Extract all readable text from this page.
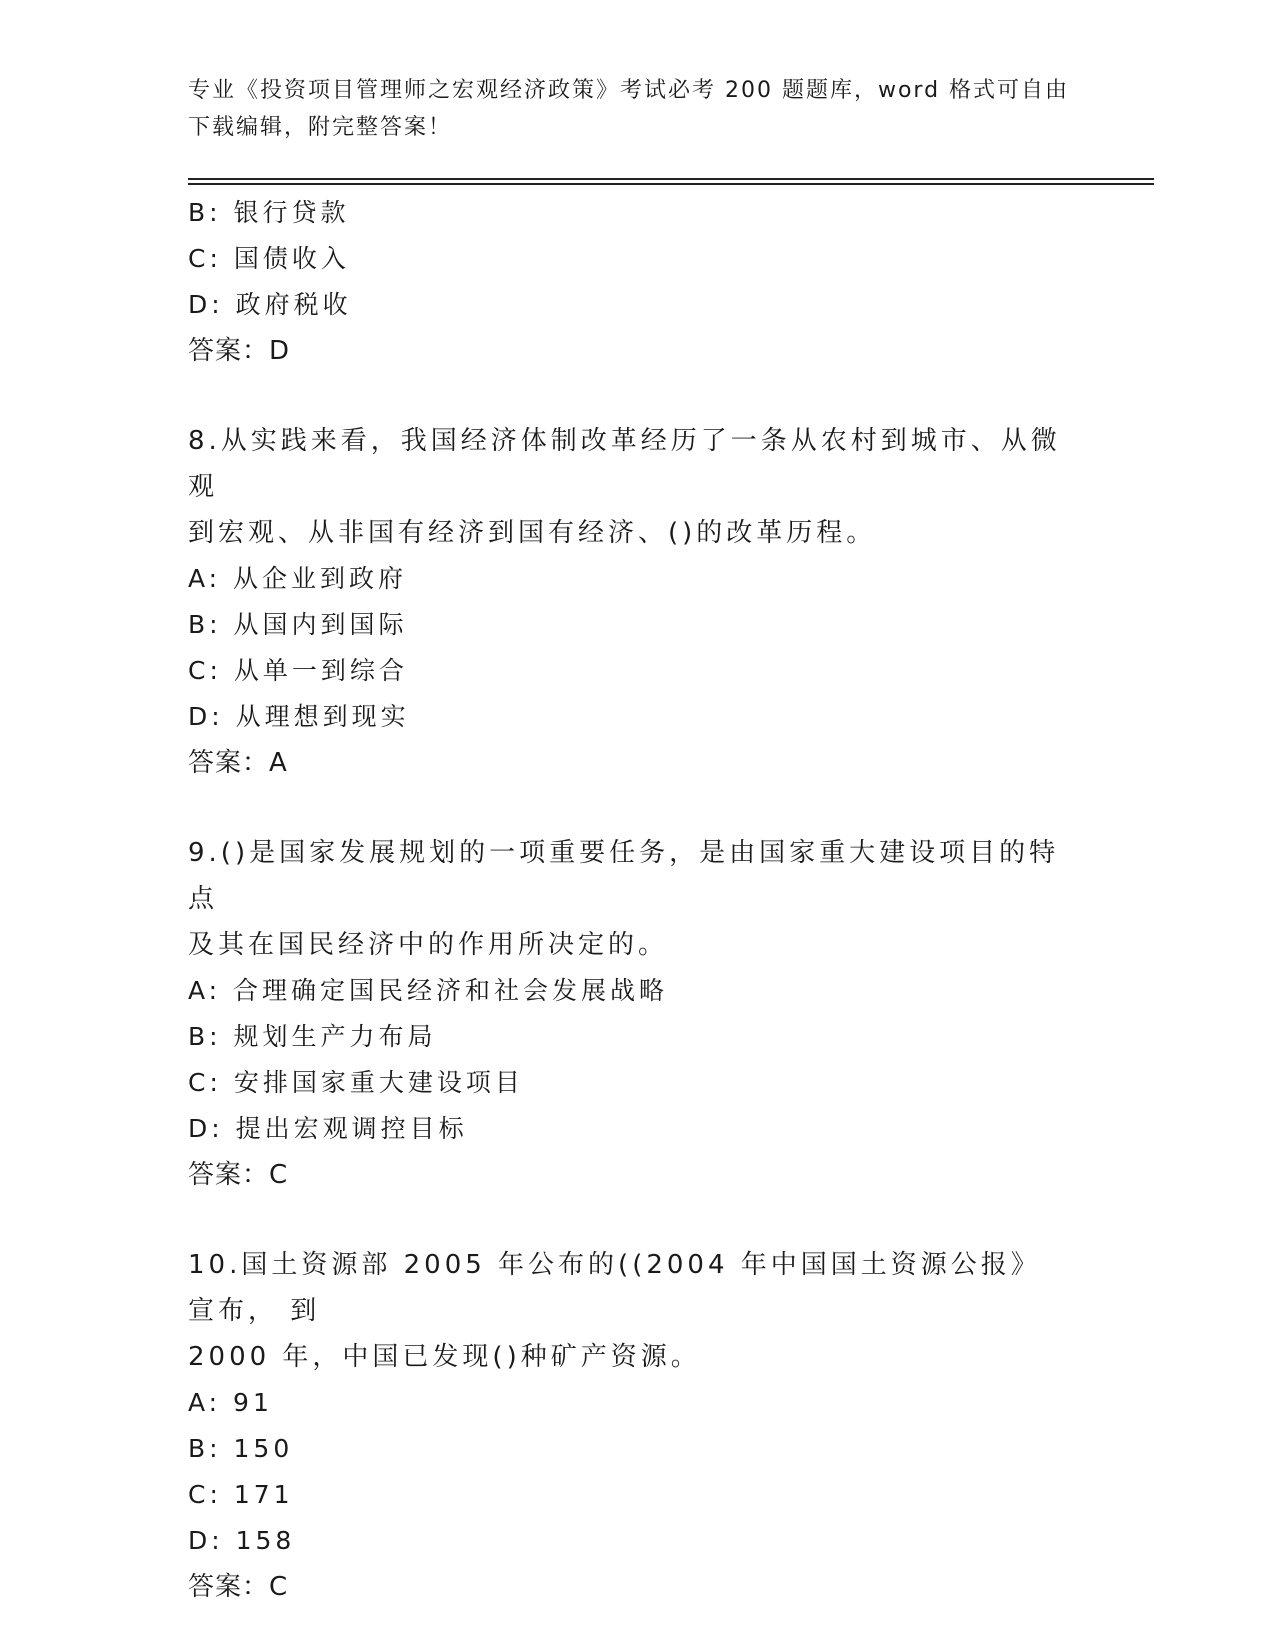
专业《投资项目管理师之宏观经济政策》考试必考 200 题题库，word 格式可自由
下载编辑，附完整答案！
B: 银行贷款
C: 国债收入
D: 政府税收
答案：D
8.从实践来看，我国经济体制改革经历了一条从农村到城市、从微观
到宏观、从非国有经济到国有经济、()的改革历程。
A: 从企业到政府
B: 从国内到国际
C: 从单一到综合
D: 从理想到现实
答案：A
9.()是国家发展规划的一项重要任务，是由国家重大建设项目的特点
及其在国民经济中的作用所决定的。
A: 合理确定国民经济和社会发展战略
B: 规划生产力布局
C: 安排国家重大建设项目
D: 提出宏观调控目标
答案：C
10.国土资源部 2005 年公布的((2004 年中国国土资源公报》宣布， 到
2000 年，中国已发现()种矿产资源。
A: 91
B: 150
C: 171
D: 158
答案：C
